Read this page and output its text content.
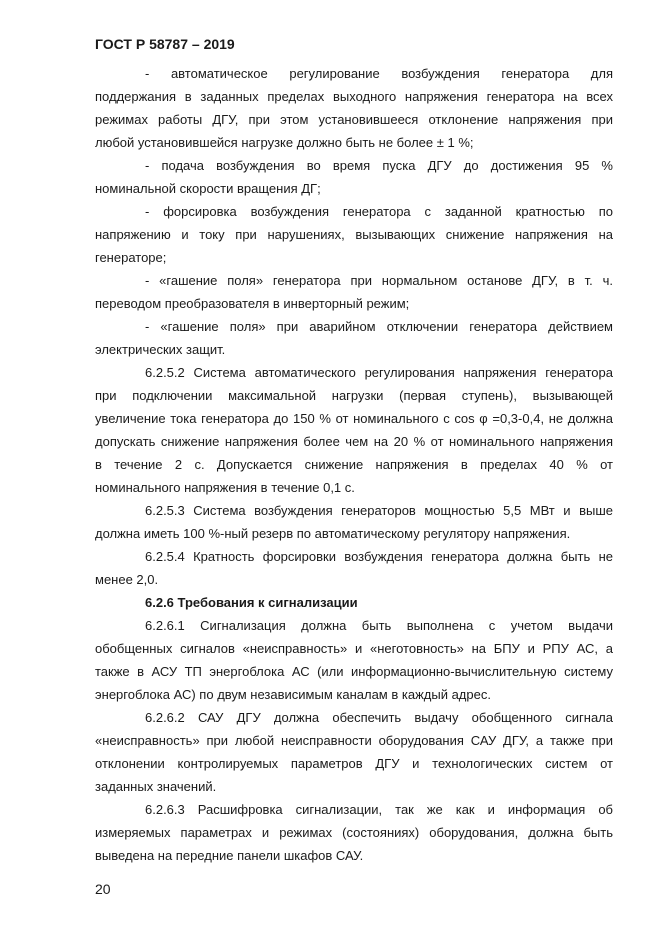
ГОСТ Р 58787 – 2019
- автоматическое регулирование возбуждения генератора для
поддержания в заданных пределах выходного напряжения генератора на всех
режимах работы ДГУ, при этом установившееся отклонение напряжения при
любой установившейся нагрузке должно быть не более ± 1 %;
- подача возбуждения во время пуска ДГУ до достижения 95 %
номинальной скорости вращения ДГ;
- форсировка возбуждения генератора с заданной кратностью по
напряжению и току при нарушениях, вызывающих снижение напряжения на
генераторе;
- «гашение поля» генератора при нормальном останове ДГУ, в т. ч.
переводом преобразователя в инверторный режим;
- «гашение поля» при аварийном отключении генератора действием
электрических защит.
6.2.5.2 Система автоматического регулирования напряжения генератора
при подключении максимальной нагрузки (первая ступень), вызывающей
увеличение тока генератора до 150 % от номинального с cos φ =0,3-0,4, не должна
допускать снижение напряжения более чем на 20 % от номинального напряжения
в течение 2 с. Допускается снижение напряжения в пределах 40 % от
номинального напряжения в течение 0,1 с.
6.2.5.3 Система возбуждения генераторов мощностью 5,5 МВт и выше
должна иметь 100 %-ный резерв по автоматическому регулятору напряжения.
6.2.5.4 Кратность форсировки возбуждения генератора должна быть не
менее 2,0.
6.2.6 Требования к сигнализации
6.2.6.1 Сигнализация должна быть выполнена с учетом выдачи
обобщенных сигналов «неисправность» и «неготовность» на БПУ и РПУ АС, а
также в АСУ ТП энергоблока АС (или информационно-вычислительную систему
энергоблока АС) по двум независимым каналам в каждый адрес.
6.2.6.2 САУ ДГУ должна обеспечить выдачу обобщенного сигнала
«неисправность» при любой неисправности оборудования САУ ДГУ, а также при
отклонении контролируемых параметров ДГУ и технологических систем от
заданных значений.
6.2.6.3 Расшифровка сигнализации, так же как и информация об
измеряемых параметрах и режимах (состояниях) оборудования, должна быть
выведена на передние панели шкафов САУ.
20
